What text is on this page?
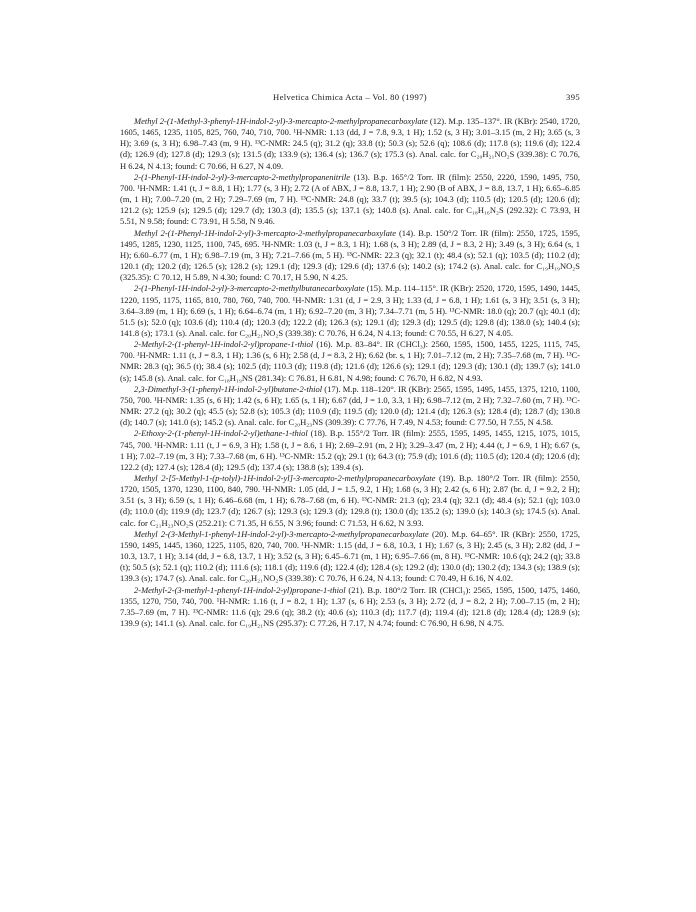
Helvetica Chimica Acta – Vol. 80 (1997)	395

Methyl 2-(1-Methyl-3-phenyl-1H-indol-2-yl)-3-mercapto-2-methylpropanecarboxylate (12). M.p. 135–137°. IR (KBr): 2540, 1720, 1605, 1465, 1235, 1105, 825, 760, 740, 710, 700. ¹H-NMR: 1.13 (dd, J = 7.8, 9.3, 1 H); 1.52 (s, 3 H); 3.01–3.15 (m, 2 H); 3.65 (s, 3 H); 3.69 (s, 3 H); 6.98–7.43 (m, 9 H). ¹³C-NMR: 24.5 (q); 31.2 (q); 33.8 (t); 50.3 (s); 52.6 (q); 108.6 (d); 117.8 (s); 119.6 (d); 122.4 (d); 126.9 (d); 127.8 (d); 129.3 (s); 131.5 (d); 133.9 (s); 136.4 (s); 136.7 (s); 175.3 (s). Anal. calc. for C₂₀H₂₁NO₂S (339.38): C 70.76, H 6.24, N 4.13; found: C 70.66, H 6.27, N 4.09.

2-(1-Phenyl-1H-indol-2-yl)-3-mercapto-2-methylpropanenitrile (13). B.p. 165°/2 Torr. IR (film): 2550, 2220, 1590, 1495, 750, 700. ¹H-NMR: 1.41 (t, J = 8.8, 1 H); 1.77 (s, 3 H); 2.72 (A of ABX, J = 8.8, 13.7, 1 H); 2.90 (B of ABX, J = 8.8, 13.7, 1 H); 6.65–6.85 (m, 1 H); 7.00–7.20 (m, 2 H); 7.29–7.69 (m, 7 H). ¹³C-NMR: 24.8 (q); 33.7 (t); 39.5 (s); 104.3 (d); 110.5 (d); 120.5 (d); 120.6 (d); 121.2 (s); 125.9 (s); 129.5 (d); 129.7 (d); 130.3 (d); 135.5 (s); 137.1 (s); 140.8 (s). Anal. calc. for C₁₈H₁₆N₂S (292.32): C 73.93, H 5.51, N 9.58; found: C 73.91, H 5.58, N 9.46.

Methyl 2-(1-Phenyl-1H-indol-2-yl)-3-mercapto-2-methylpropanecarboxylate (14). B.p. 150°/2 Torr. IR (film): 2550, 1725, 1595, 1495, 1285, 1230, 1125, 1100, 745, 695. ¹H-NMR: 1.03 (t, J = 8.3, 1 H); 1.68 (s, 3 H); 2.89 (d, J = 8.3, 2 H); 3.49 (s, 3 H); 6.64 (s, 1 H); 6.60–6.77 (m, 1 H); 6.98–7.19 (m, 3 H); 7.21–7.66 (m, 5 H). ¹³C-NMR: 22.3 (q); 32.1 (t); 48.4 (s); 52.1 (q); 103.5 (d); 110.2 (d); 120.1 (d); 120.2 (d); 126.5 (s); 128.2 (s); 129.1 (d); 129.3 (d); 129.6 (d); 137.6 (s); 140.2 (s); 174.2 (s). Anal. calc. for C₁₉H₁₉NO₂S (325.35): C 70.12, H 5.89, N 4.30; found: C 70.17, H 5.90, N 4.25.

2-(1-Phenyl-1H-indol-2-yl)-3-mercapto-2-methylbutanecarboxylate (15). M.p. 114–115°. IR (KBr): 2520, 1720, 1595, 1490, 1445, 1220, 1195, 1175, 1165, 810, 780, 760, 740, 700. ¹H-NMR: 1.31 (d, J = 2.9, 3 H); 1.33 (d, J = 6.8, 1 H); 1.61 (s, 3 H); 3.51 (s, 3 H); 3.64–3.89 (m, 1 H); 6.69 (s, 1 H); 6.64–6.74 (m, 1 H); 6.92–7.20 (m, 3 H); 7.34–7.71 (m, 5 H). ¹³C-NMR: 18.0 (q); 20.7 (q); 40.1 (d); 51.5 (s); 52.0 (q); 103.6 (d); 110.4 (d); 120.3 (d); 122.2 (d); 126.3 (s); 129.1 (d); 129.3 (d); 129.5 (d); 129.8 (d); 138.0 (s); 140.4 (s); 141.8 (s); 173.1 (s). Anal. calc. for C₂₀H₂₁NO₂S (339.38): C 70.76, H 6.24, N 4.13; found: C 70.55, H 6.27, N 4.05.

2-Methyl-2-(1-phenyl-1H-indol-2-yl)propane-1-thiol (16). M.p. 83–84°. IR (CHCl₃): 2560, 1595, 1500, 1455, 1225, 1115, 745, 700. ¹H-NMR: 1.11 (t, J = 8.3, 1 H); 1.36 (s, 6 H); 2.58 (d, J = 8.3, 2 H); 6.62 (br. s, 1 H); 7.01–7.12 (m, 2 H); 7.35–7.68 (m, 7 H). ¹³C-NMR: 28.3 (q); 36.5 (t); 38.4 (s); 102.5 (d); 110.3 (d); 119.8 (d); 121.6 (d); 126.6 (s); 129.1 (d); 129.3 (d); 130.1 (d); 139.7 (s); 141.0 (s); 145.8 (s). Anal. calc. for C₁₈H₁₉NS (281.34): C 76.81, H 6.81, N 4.98; found: C 76.70, H 6.82, N 4.93.

2,3-Dimethyl-3-(1-phenyl-1H-indol-2-yl)butane-2-thiol (17). M.p. 118–120°. IR (KBr): 2565, 1595, 1495, 1455, 1375, 1210, 1100, 750, 700. ¹H-NMR: 1.35 (s, 6 H); 1.42 (s, 6 H); 1.65 (s, 1 H); 6.67 (dd, J = 1.0, 3.3, 1 H); 6.98–7.12 (m, 2 H); 7.32–7.60 (m, 7 H). ¹³C-NMR: 27.2 (q); 30.2 (q); 45.5 (s); 52.8 (s); 105.3 (d); 110.9 (d); 119.5 (d); 120.0 (d); 121.4 (d); 126.3 (s); 128.4 (d); 128.7 (d); 130.8 (d); 140.7 (s); 141.0 (s); 145.2 (s). Anal. calc. for C₂₀H₂₃NS (309.39): C 77.76, H 7.49, N 4.53; found: C 77.50, H 7.55, N 4.58.

2-Ethoxy-2-(1-phenyl-1H-indol-2-yl)ethane-1-thiol (18). B.p. 155°/2 Torr. IR (film): 2555, 1595, 1495, 1455, 1215, 1075, 1015, 745, 700. ¹H-NMR: 1.11 (t, J = 6.9, 3 H); 1.58 (t, J = 8.6, 1 H); 2.69–2.91 (m, 2 H); 3.29–3.47 (m, 2 H); 4.44 (t, J = 6.9, 1 H); 6.67 (s, 1 H); 7.02–7.19 (m, 3 H); 7.33–7.68 (m, 6 H). ¹³C-NMR: 15.2 (q); 29.1 (t); 64.3 (t); 75.9 (d); 101.6 (d); 110.5 (d); 120.4 (d); 120.6 (d); 122.2 (d); 127.4 (s); 128.4 (d); 129.5 (d); 137.4 (s); 138.8 (s); 139.4 (s).

Methyl 2-[5-Methyl-1-(p-tolyl)-1H-indol-2-yl]-3-mercapto-2-methylpropanecarboxylate (19). B.p. 180°/2 Torr. IR (film): 2550, 1720, 1505, 1370, 1230, 1100, 840, 790. ¹H-NMR: 1.05 (dd, J = 1.5, 9.2, 1 H); 1.68 (s, 3 H); 2.42 (s, 6 H); 2.87 (br. d, J = 9.2, 2 H); 3.51 (s, 3 H); 6.59 (s, 1 H); 6.46–6.68 (m, 1 H); 6.78–7.68 (m, 6 H). ¹³C-NMR: 21.3 (q); 23.4 (q); 32.1 (d); 48.4 (s); 52.1 (q); 103.0 (d); 110.0 (d); 119.9 (d); 123.7 (d); 126.7 (s); 129.3 (s); 129.3 (d); 129.8 (t); 130.0 (d); 135.2 (s); 139.0 (s); 140.3 (s); 174.5 (s). Anal. calc. for C₂₁H₂₃NO₂S (252.21): C 71.35, H 6.55, N 3.96; found: C 71.53, H 6.62, N 3.93.

Methyl 2-(3-Methyl-1-phenyl-1H-indol-2-yl)-3-mercapto-2-methylpropanecarboxylate (20). M.p. 64–65°. IR (KBr): 2550, 1725, 1590, 1495, 1445, 1360, 1225, 1105, 820, 740, 700. ¹H-NMR: 1.15 (dd, J = 6.8, 10.3, 1 H); 1.67 (s, 3 H); 2.45 (s, 3 H); 2.82 (dd, J = 10.3, 13.7, 1 H); 3.14 (dd, J = 6.8, 13.7, 1 H); 3.52 (s, 3 H); 6.45–6.71 (m, 1 H); 6.95–7.66 (m, 8 H). ¹³C-NMR: 10.6 (q); 24.2 (q); 33.8 (t); 50.5 (s); 52.1 (q); 110.2 (d); 111.6 (s); 118.1 (d); 119.6 (d); 122.4 (d); 128.4 (s); 129.2 (d); 130.0 (d); 130.2 (d); 134.3 (s); 138.9 (s); 139.3 (s); 174.7 (s). Anal. calc. for C₂₀H₂₁NO₂S (339.38): C 70.76, H 6.24, N 4.13; found: C 70.49, H 6.16, N 4.02.

2-Methyl-2-(3-methyl-1-phenyl-1H-indol-2-yl)propane-1-thiol (21). B.p. 180°/2 Torr. IR (CHCl₃): 2565, 1595, 1500, 1475, 1460, 1355, 1270, 750, 740, 700. ¹H-NMR: 1.16 (t, J = 8.2, 1 H); 1.37 (s, 6 H); 2.53 (s, 3 H); 2.72 (d, J = 8.2, 2 H); 7.00–7.15 (m, 2 H); 7.35–7.69 (m, 7 H). ¹³C-NMR: 11.6 (q); 29.6 (q); 38.2 (t); 40.6 (s); 110.3 (d); 117.7 (d); 119.4 (d); 121.8 (d); 128.4 (d); 128.9 (s); 139.9 (s); 141.1 (s). Anal. calc. for C₁₉H₂₁NS (295.37): C 77.26, H 7.17, N 4.74; found: C 76.90, H 6.98, N 4.75.
